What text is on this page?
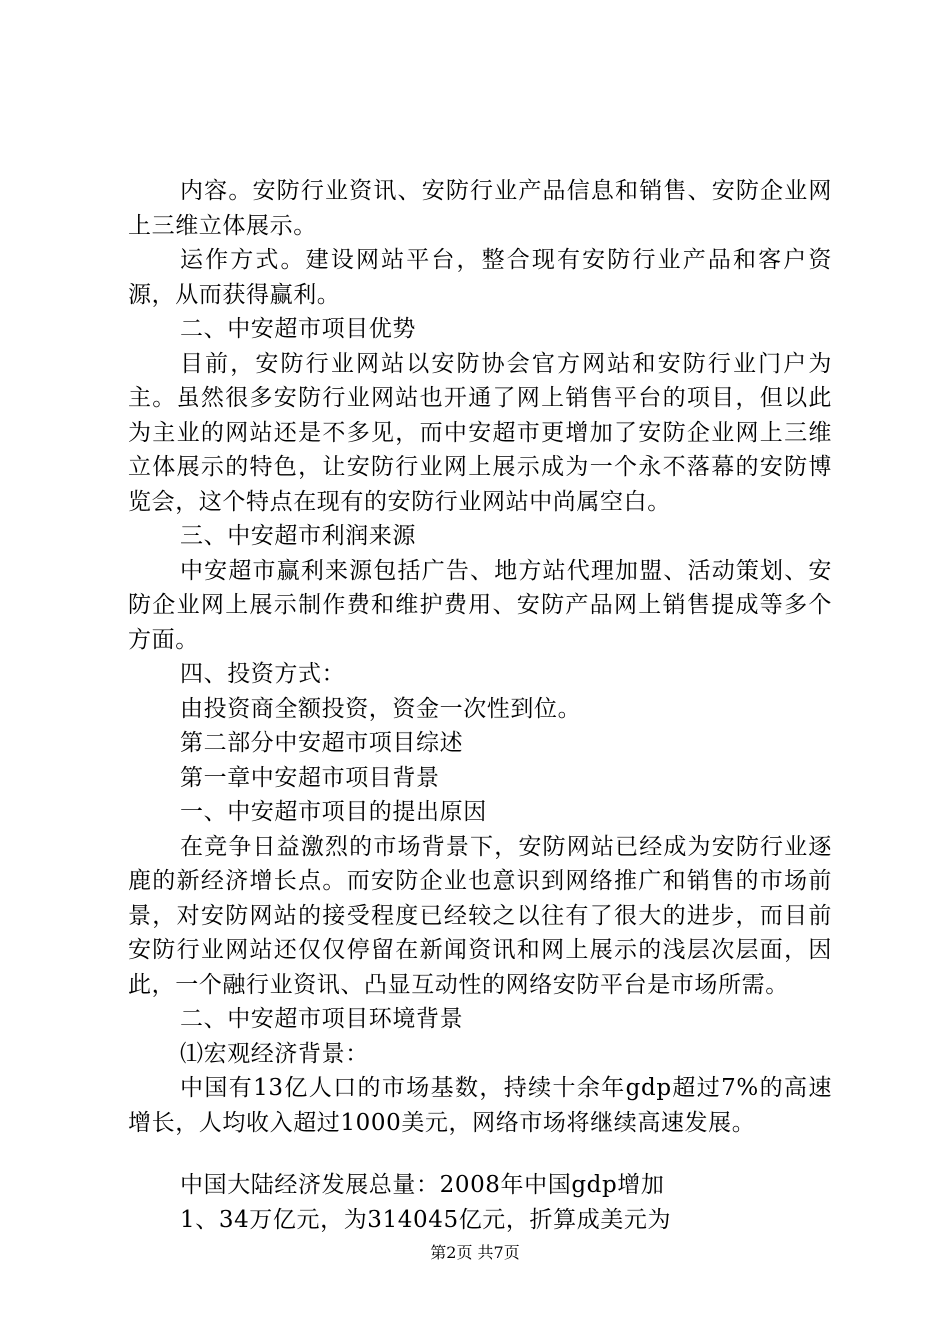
内容。安防行业资讯、安防行业产品信息和销售、安防企业网上三维立体展示。

运作方式。建设网站平台，整合现有安防行业产品和客户资源，从而获得赢利。

二、中安超市项目优势

目前，安防行业网站以安防协会官方网站和安防行业门户为主。虽然很多安防行业网站也开通了网上销售平台的项目，但以此为主业的网站还是不多见，而中安超市更增加了安防企业网上三维立体展示的特色，让安防行业网上展示成为一个永不落幕的安防博览会，这个特点在现有的安防行业网站中尚属空白。

三、中安超市利润来源

中安超市赢利来源包括广告、地方站代理加盟、活动策划、安防企业网上展示制作费和维护费用、安防产品网上销售提成等多个方面。

四、投资方式：

由投资商全额投资，资金一次性到位。

第二部分中安超市项目综述

第一章中安超市项目背景

一、中安超市项目的提出原因

在竞争日益激烈的市场背景下，安防网站已经成为安防行业逐鹿的新经济增长点。而安防企业也意识到网络推广和销售的市场前景，对安防网站的接受程度已经较之以往有了很大的进步，而目前安防行业网站还仅仅停留在新闻资讯和网上展示的浅层次层面，因此，一个融行业资讯、凸显互动性的网络安防平台是市场所需。

二、中安超市项目环境背景

⑴宏观经济背景：

中国有13亿人口的市场基数，持续十余年gdp超过7%的高速增长，人均收入超过1000美元，网络市场将继续高速发展。

中国大陆经济发展总量：2008年中国gdp增加

1、34万亿元，为314045亿元，折算成美元为

第2页 共7页
